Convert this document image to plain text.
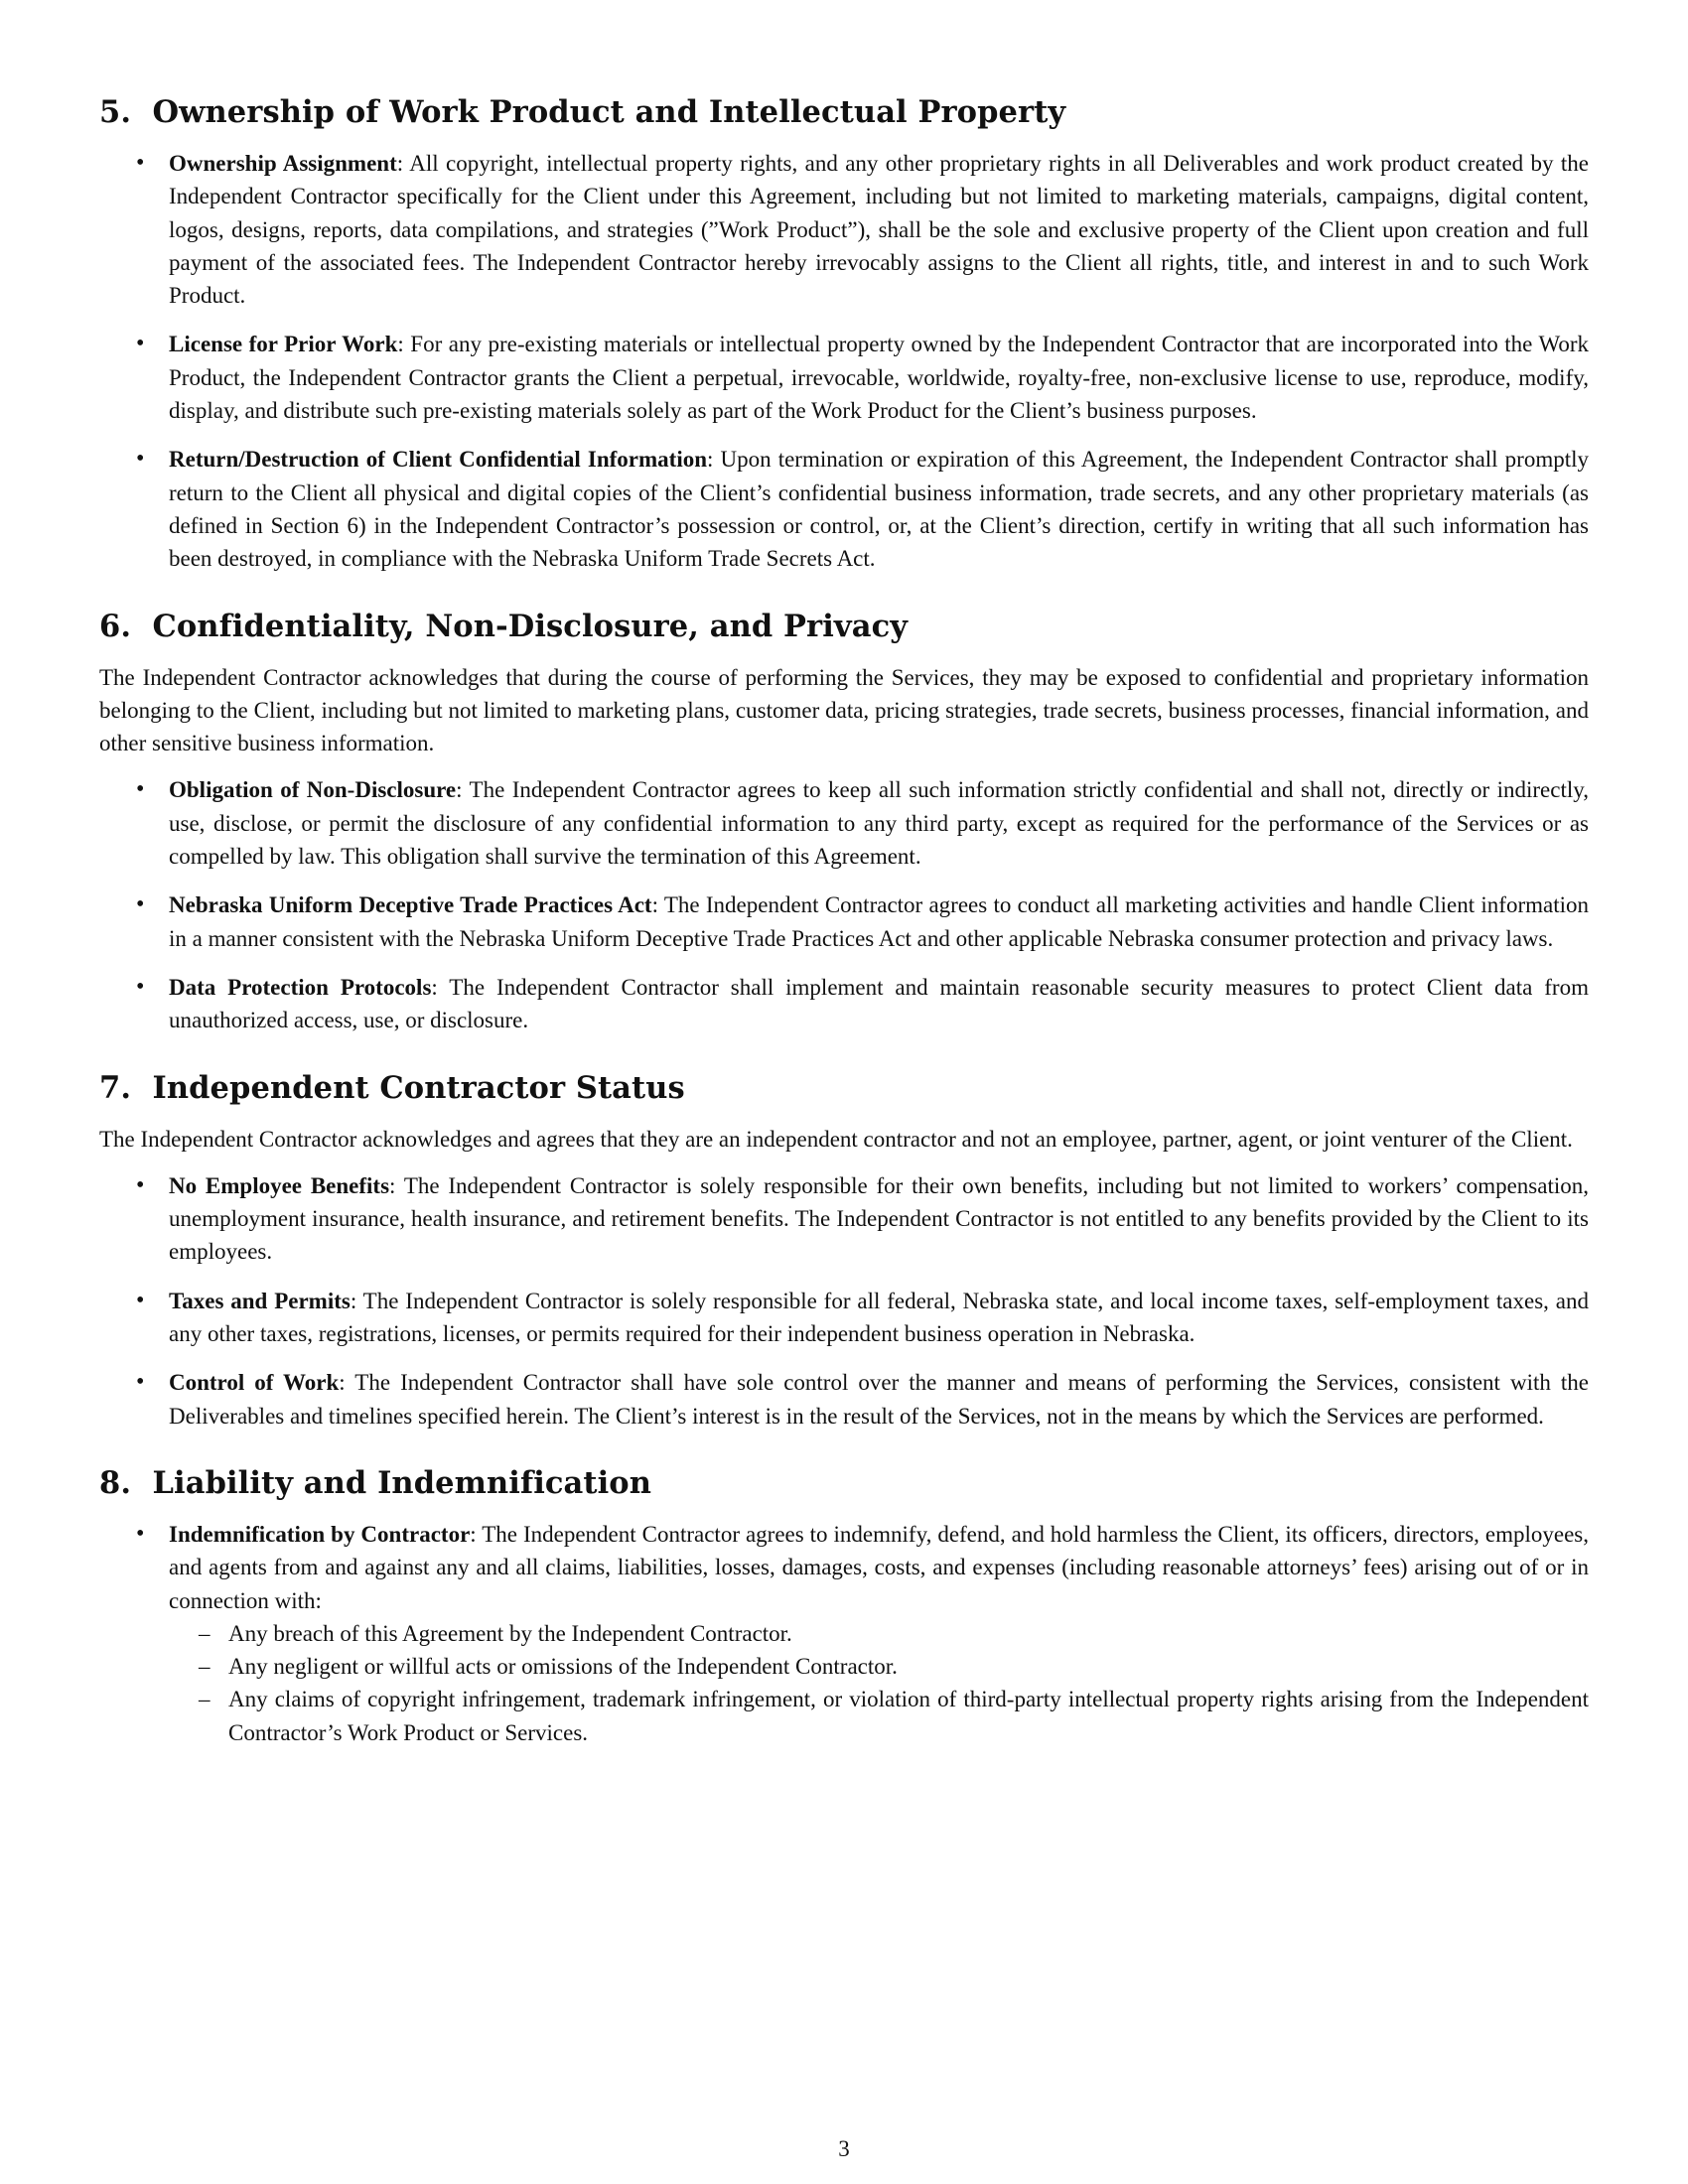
5.  Ownership of Work Product and Intellectual Property
• Ownership Assignment: All copyright, intellectual property rights, and any other proprietary rights in all Deliverables and work product created by the Independent Contractor specifically for the Client under this Agreement, including but not limited to marketing materials, campaigns, digital content, logos, designs, reports, data compilations, and strategies (”Work Product”), shall be the sole and exclusive property of the Client upon creation and full payment of the associated fees. The Independent Contractor hereby irrevocably assigns to the Client all rights, title, and interest in and to such Work Product.
• License for Prior Work: For any pre-existing materials or intellectual property owned by the Independent Contractor that are incorporated into the Work Product, the Independent Contractor grants the Client a perpetual, irrevocable, worldwide, royalty-free, non-exclusive license to use, reproduce, modify, display, and distribute such pre-existing materials solely as part of the Work Product for the Client’s business purposes.
• Return/Destruction of Client Confidential Information: Upon termination or expiration of this Agreement, the Independent Contractor shall promptly return to the Client all physical and digital copies of the Client’s confidential business information, trade secrets, and any other proprietary materials (as defined in Section 6) in the Independent Contractor’s possession or control, or, at the Client’s direction, certify in writing that all such information has been destroyed, in compliance with the Nebraska Uniform Trade Secrets Act.
6.  Confidentiality, Non-Disclosure, and Privacy

The Independent Contractor acknowledges that during the course of performing the Services, they may be exposed to confidential and proprietary information belonging to the Client, including but not limited to marketing plans, customer data, pricing strategies, trade secrets, business processes, financial information, and other sensitive business information.

• Obligation of Non-Disclosure: The Independent Contractor agrees to keep all such information strictly confidential and shall not, directly or indirectly, use, disclose, or permit the disclosure of any confidential information to any third party, except as required for the performance of the Services or as compelled by law. This obligation shall survive the termination of this Agreement.
• Nebraska Uniform Deceptive Trade Practices Act: The Independent Contractor agrees to conduct all marketing activities and handle Client information in a manner consistent with the Nebraska Uniform Deceptive Trade Practices Act and other applicable Nebraska consumer protection and privacy laws.
• Data Protection Protocols: The Independent Contractor shall implement and maintain reasonable security measures to protect Client data from unauthorized access, use, or disclosure.
7.  Independent Contractor Status

The Independent Contractor acknowledges and agrees that they are an independent contractor and not an employee, partner, agent, or joint venturer of the Client.

• No Employee Benefits: The Independent Contractor is solely responsible for their own benefits, including but not limited to workers’ compensation, unemployment insurance, health insurance, and retirement benefits. The Independent Contractor is not entitled to any benefits provided by the Client to its employees.
• Taxes and Permits: The Independent Contractor is solely responsible for all federal, Nebraska state, and local income taxes, self-employment taxes, and any other taxes, registrations, licenses, or permits required for their independent business operation in Nebraska.
• Control of Work: The Independent Contractor shall have sole control over the manner and means of performing the Services, consistent with the Deliverables and timelines specified herein. The Client’s interest is in the result of the Services, not in the means by which the Services are performed.
8.  Liability and Indemnification
• Indemnification by Contractor: The Independent Contractor agrees to indemnify, defend, and hold harmless the Client, its officers, directors, employees, and agents from and against any and all claims, liabilities, losses, damages, costs, and expenses (including reasonable attorneys’ fees) arising out of or in connection with:
– Any breach of this Agreement by the Independent Contractor.
– Any negligent or willful acts or omissions of the Independent Contractor.
– Any claims of copyright infringement, trademark infringement, or violation of third-party intellectual property rights arising from the Independent Contractor’s Work Product or Services.
3
